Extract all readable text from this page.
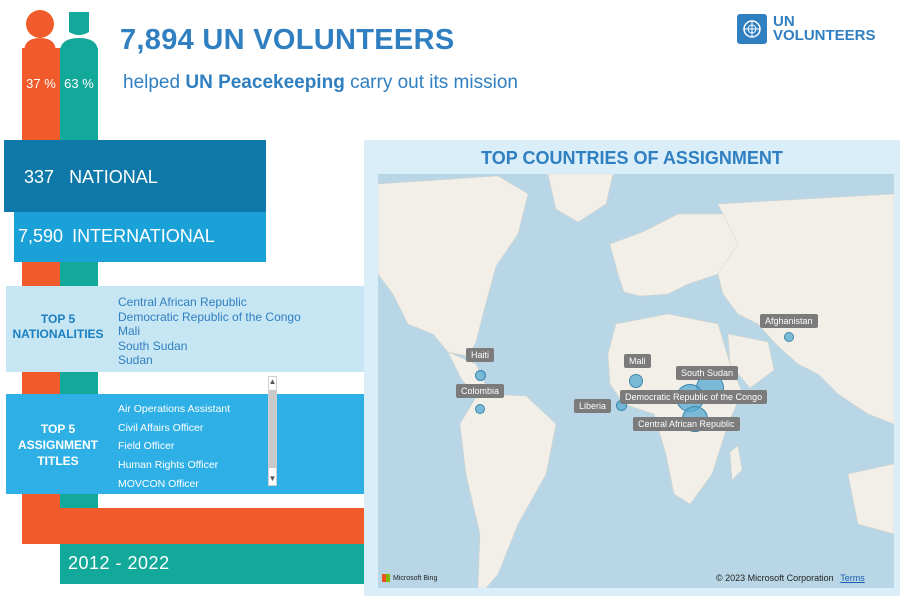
37 % 63 %
7,894 UN VOLUNTEERS
helped UN Peacekeeping carry out its mission
UN
VOLUNTEERS
337 NATIONAL
7,590 INTERNATIONAL
TOP 5
NATIONALITIES
Central African Republic
Democratic Republic of the Congo
Mali
South Sudan
Sudan
TOP 5
ASSIGNMENT
TITLES
Air Operations Assistant
Civil Affairs Officer
Field Officer
Human Rights Officer
MOVCON Officer
▲
▼
2012 - 2022
TOP COUNTRIES OF ASSIGNMENT
Afghanistan
Haiti
Colombia
Mali
South Sudan
Democratic Republic of the Congo
Liberia
Central African Republic
Microsoft Bing	© 2023 Microsoft Corporation Terms
